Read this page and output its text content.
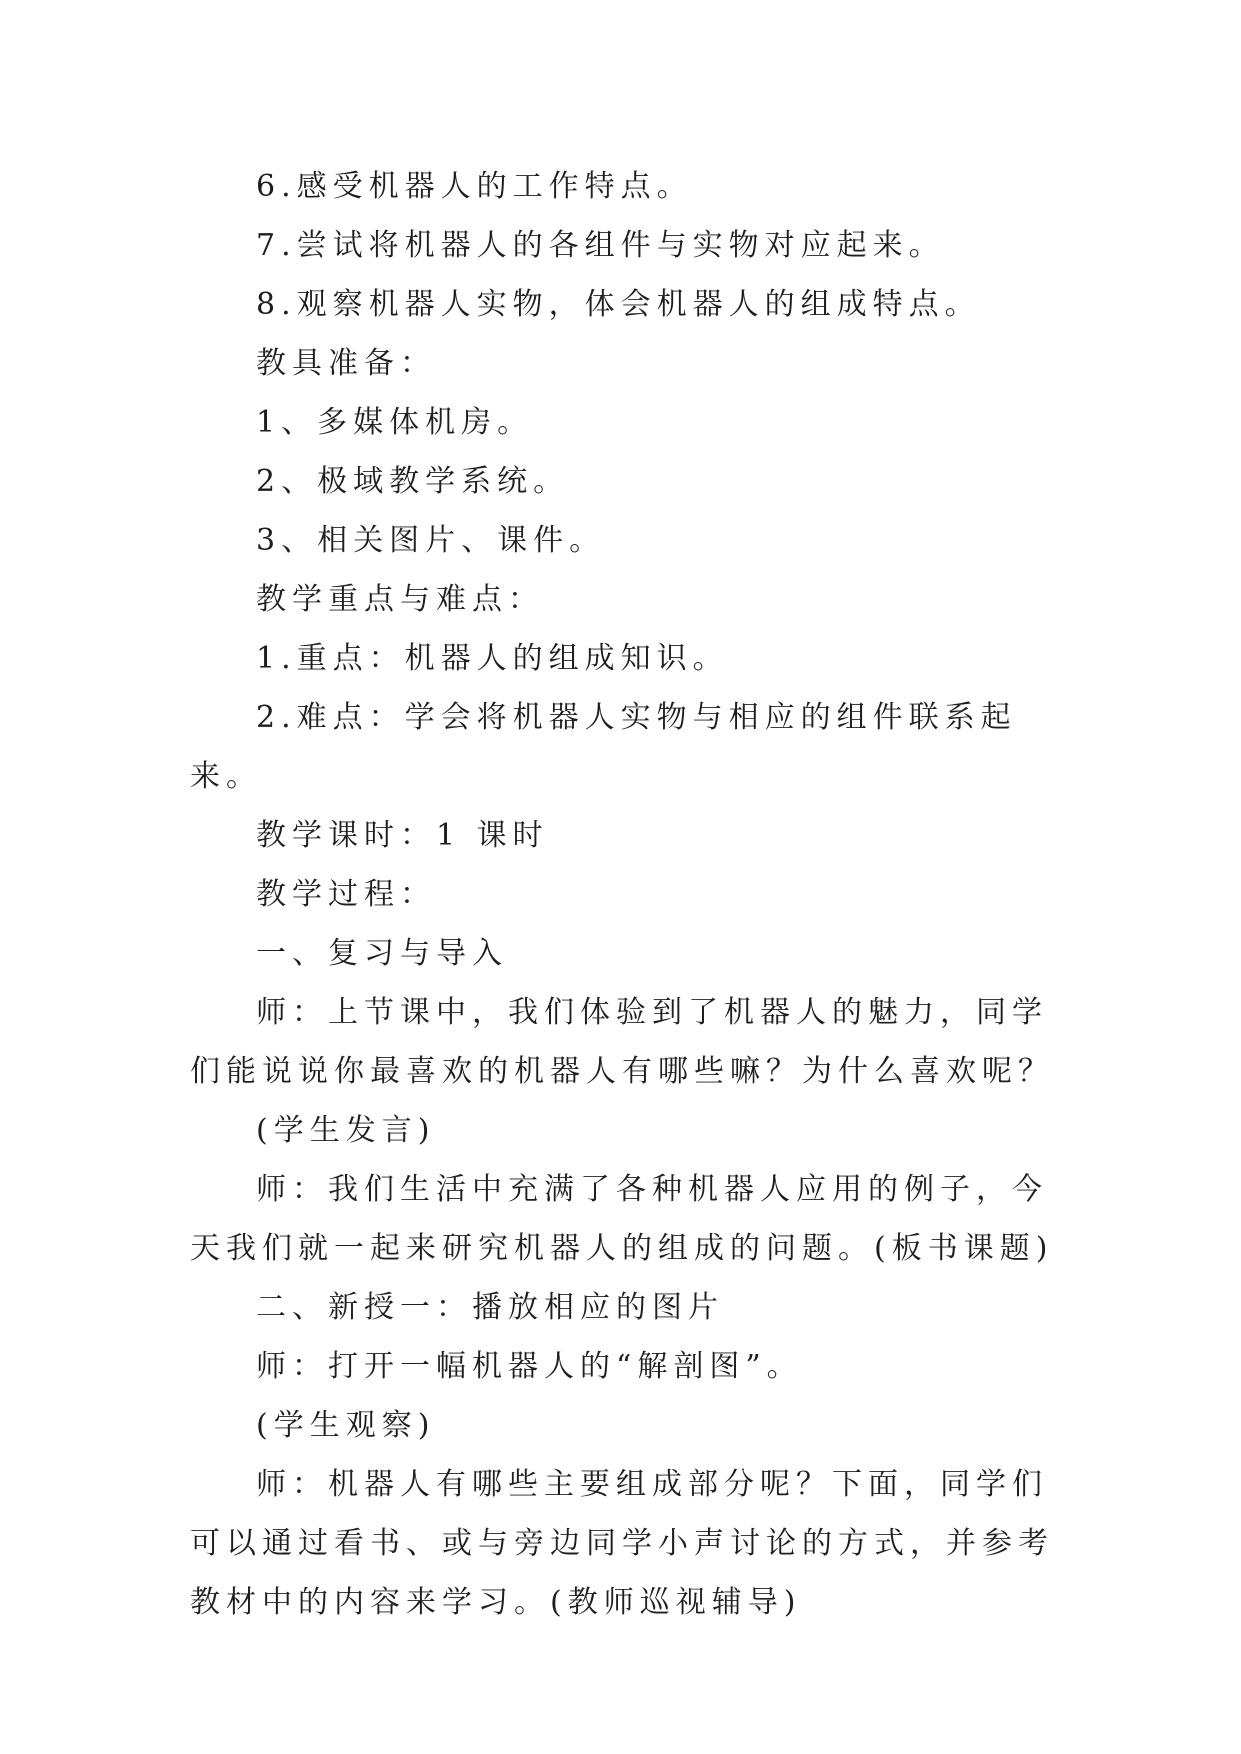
6.感受机器人的工作特点。

7.尝试将机器人的各组件与实物对应起来。

8.观察机器人实物，体会机器人的组成特点。

教具准备：

1、多媒体机房。

2、极域教学系统。

3、相关图片、课件。

教学重点与难点：

1.重点：机器人的组成知识。

2.难点：学会将机器人实物与相应的组件联系起来。

教学课时：1 课时

教学过程：

一、复习与导入

师：上节课中，我们体验到了机器人的魅力，同学们能说说你最喜欢的机器人有哪些嘛？为什么喜欢呢？

(学生发言)

师：我们生活中充满了各种机器人应用的例子，今天我们就一起来研究机器人的组成的问题。(板书课题)

二、新授一：播放相应的图片

师：打开一幅机器人的“解剖图”。

(学生观察)

师：机器人有哪些主要组成部分呢？下面，同学们可以通过看书、或与旁边同学小声讨论的方式，并参考教材中的内容来学习。(教师巡视辅导)
